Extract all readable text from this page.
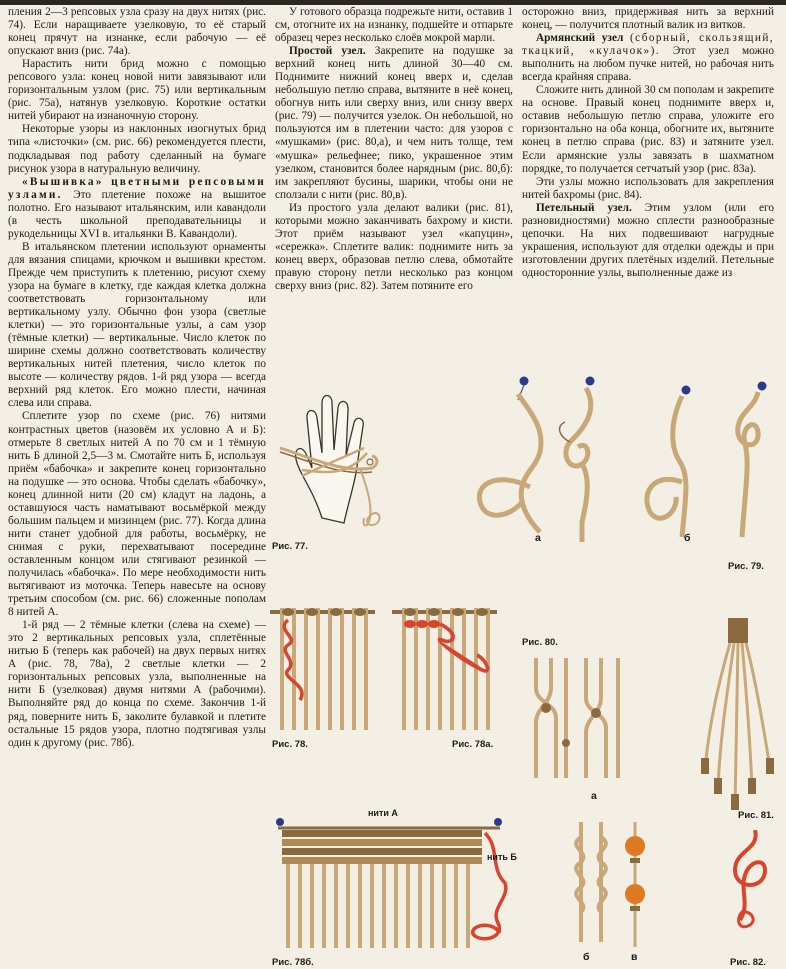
пления 2—3 репсовых узла сразу на двух нитях (рис. 74). Если наращиваете узелковую, то её старый конец прячут на изнанке, если рабочую — её опускают вниз (рис. 74а).

Нарастить нити брид можно с помощью репсового узла: конец новой нити завязывают или горизонтальным узлом (рис. 75) или вертикальным (рис. 75а), натянув узелковую. Короткие остатки нитей убирают на изнаночную сторону.

Некоторые узоры из наклонных изогнутых брид типа «листочки» (см. рис. 66) рекомендуется плести, подкладывая под работу сделанный на бумаге рисунок узора в натуральную величину.

«Вышивка» цветными репсовыми узлами. Это плетение похоже на вышитое полотно. Его называют итальянским, или кавандоли (в честь школьной преподавательницы и рукодельницы XVI в. итальянки В. Кавандоли).

В итальянском плетении используют орнаменты для вязания спицами, крючком и вышивки крестом. Прежде чем приступить к плетению, рисуют схему узора на бумаге в клетку, где каждая клетка должна соответствовать горизонтальному или вертикальному узлу. Обычно фон узора (светлые клетки) — это горизонтальные узлы, а сам узор (тёмные клетки) — вертикальные. Число клеток по ширине схемы должно соответствовать количеству вертикальных нитей плетения, число клеток по высоте — количеству рядов. 1-й ряд узора — всегда верхний ряд клеток. Его можно плести, начиная слева или справа.

Сплетите узор по схеме (рис. 76) нитями контрастных цветов (назовём их условно А и Б): отмерьте 8 светлых нитей А по 70 см и 1 тёмную нить Б длиной 2,5—3 м. Смотайте нить Б, используя приём «бабочка» и закрепите конец горизонтально на подушке — это основа. Чтобы сделать «бабочку», конец длинной нити (20 см) кладут на ладонь, а оставшуюся часть наматывают восьмёркой между большим пальцем и мизинцем (рис. 77). Когда длина нити станет удобной для работы, восьмёрку, не снимая с руки, перехватывают посередине оставленным концом или стягивают резинкой — получилась «бабочка». По мере необходимости нить вытягивают из моточка. Теперь навесьте на основу третьим способом (см. рис. 66) сложенные пополам 8 нитей А.

1-й ряд — 2 тёмные клетки (слева на схеме) — это 2 вертикальных репсовых узла, сплетённые нитью Б (теперь как рабочей) на двух первых нитях А (рис. 78, 78а), 2 светлые клетки — 2 горизонтальных репсовых узла, выполненные на нити Б (узелковая) двумя нитями А (рабочими). Выполняйте ряд до конца по схеме. Закончив 1-й ряд, поверните нить Б, заколите булавкой и плетите остальные 15 рядов узора, плотно подтягивая узлы один к другому (рис. 78б).

У готового образца подрежьте нити, оставив 1 см, отогните их на изнанку, подшейте и отпарьте образец через несколько слоёв мокрой марли.

Простой узел. Закрепите на подушке за верхний конец нить длиной 30—40 см. Поднимите нижний конец вверх и, сделав небольшую петлю справа, вытяните в неё конец, обогнув нить или сверху вниз, или снизу вверх (рис. 79) — получится узелок. Он небольшой, но пользуются им в плетении часто: для узоров с «мушками» (рис. 80,а), и чем нить толще, тем «мушка» рельефнее; пико, украшенное этим узелком, становится более нарядным (рис. 80,б): им закрепляют бусины, шарики, чтобы они не сползали с нити (рис. 80,в).

Из простого узла делают валики (рис. 81), которыми можно заканчивать бахрому и кисти. Этот приём называют узел «капуцин», «сережка». Сплетите валик: поднимите нить за конец вверх, образовав петлю слева, обмотайте правую сторону петли несколько раз концом сверху вниз (рис. 82). Затем потяните его

осторожно вниз, придерживая нить за верхний конец, — получится плотный валик из витков.

Армянский узел (сборный, скользящий, ткацкий, «кулачок»). Этот узел можно выполнить на любом пучке нитей, но рабочая нить всегда крайняя справа.

Сложите нить длиной 30 см пополам и закрепите на основе. Правый конец поднимите вверх и, оставив небольшую петлю справа, уложите его горизонтально на оба конца, обогните их, вытяните конец в петлю справа (рис. 83) и затяните узел. Если армянские узлы завязать в шахматном порядке, то получается сетчатый узор (рис. 83а).

Эти узлы можно использовать для закрепления нитей бахромы (рис. 84).

Петельный узел. Этим узлом (или его разновидностями) можно сплести разнообразные цепочки. На них подвешивают нагрудные украшения, используют для отделки одежды и при изготовлении других плетёных изделий. Петельные односторонние узлы, выполненные даже из

Рис. 77.
а	б
Рис. 79.
Рис. 78.	Рис. 78а.
Рис. 80.
а
Рис. 81.
нити А
нить Б
Рис. 78б.	б	в	Рис. 82.
